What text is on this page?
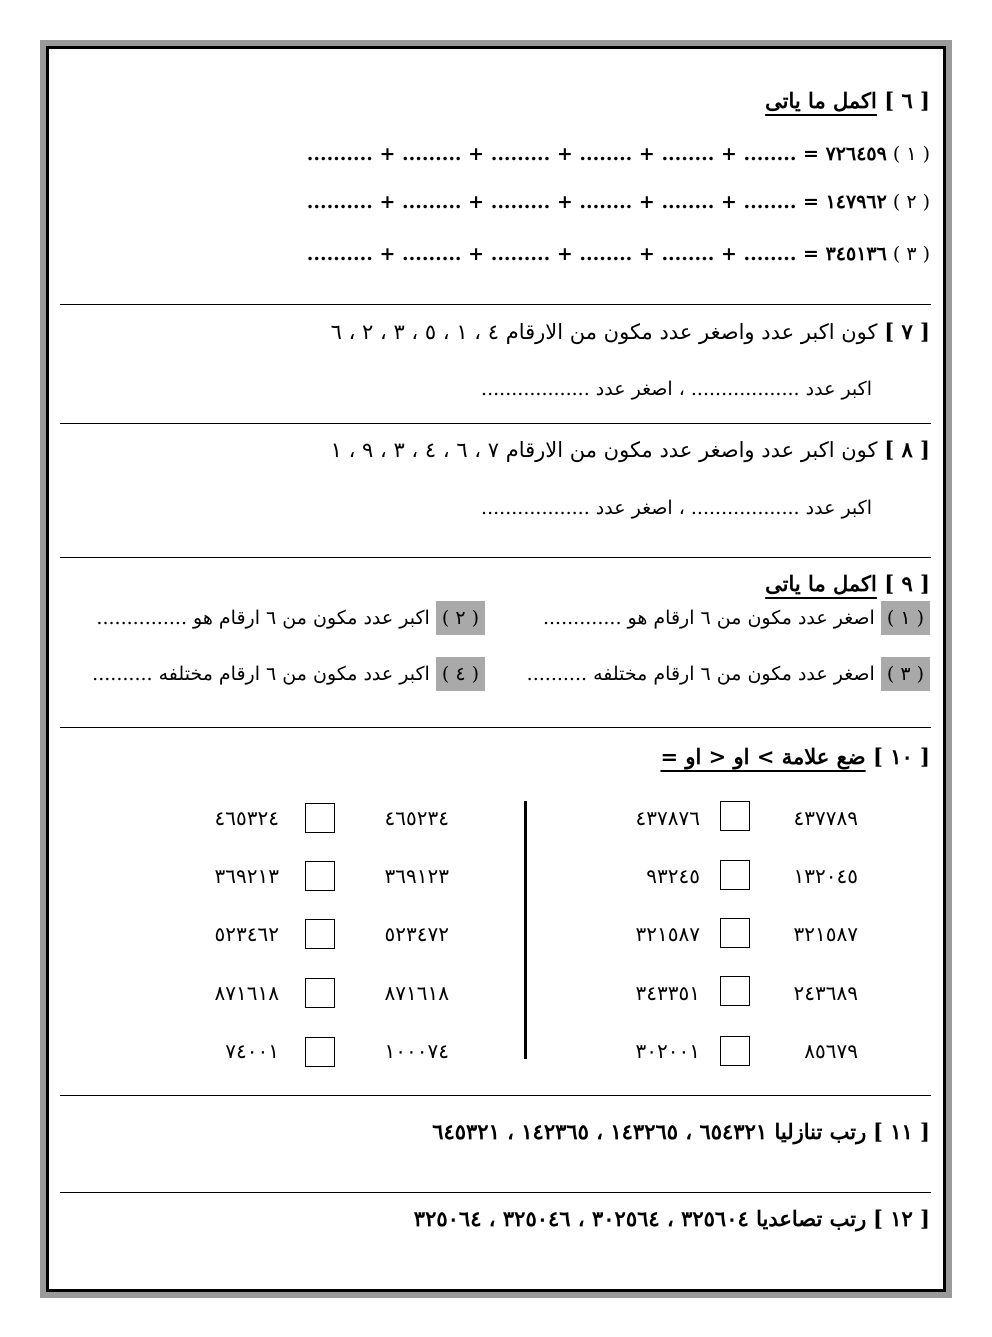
[ ٦ ] اكمل ما ياتى
( ١ ) ٧٢٦٤٥٩ = ........ + ........ + ........ + ......... + ......... + ..........
( ٢ ) ١٤٧٩٦٢ = ........ + ........ + ........ + ......... + ......... + ..........
( ٣ ) ٣٤٥١٣٦ = ........ + ........ + ........ + ......... + ......... + ..........
[ ٧ ] كون اكبر عدد واصغر عدد مكون من الارقام ٤ ، ١ ، ٥ ، ٣ ، ٢ ، ٦
اكبر عدد .................. ، اصغر عدد ..................
[ ٨ ] كون اكبر عدد واصغر عدد مكون من الارقام ٧ ، ٦ ، ٤ ، ٣ ، ٩ ، ١
اكبر عدد .................. ، اصغر عدد ..................
[ ٩ ] اكمل ما ياتى
( ١ ) اصغر عدد مكون من ٦ ارقام هو .............
( ٢ ) اكبر عدد مكون من ٦ ارقام هو ...............
( ٣ ) اصغر عدد مكون من ٦ ارقام مختلفه ..........
( ٤ ) اكبر عدد مكون من ٦ ارقام مختلفه ..........
[ ١٠ ] ضع علامة > او < او =
٤٣٧٧٨٩
٤٣٧٨٧٦
١٣٢٠٤٥
٩٣٢٤٥
٣٢١٥٨٧
٣٢١٥٨٧
٢٤٣٦٨٩
٣٤٣٣٥١
٨٥٦٧٩
٣٠٢٠٠١
٤٦٥٢٣٤
٤٦٥٣٢٤
٣٦٩١٢٣
٣٦٩٢١٣
٥٢٣٤٧٢
٥٢٣٤٦٢
٨٧١٦١٨
٨٧١٦١٨
١٠٠٠٧٤
٧٤٠٠١
[ ١١ ] رتب تنازليا ٦٥٤٣٢١ ، ١٤٣٢٦٥ ، ١٤٢٣٦٥ ، ٦٤٥٣٢١
[ ١٢ ] رتب تصاعديا ٣٢٥٦٠٤ ، ٣٠٢٥٦٤ ، ٣٢٥٠٤٦ ، ٣٢٥٠٦٤
